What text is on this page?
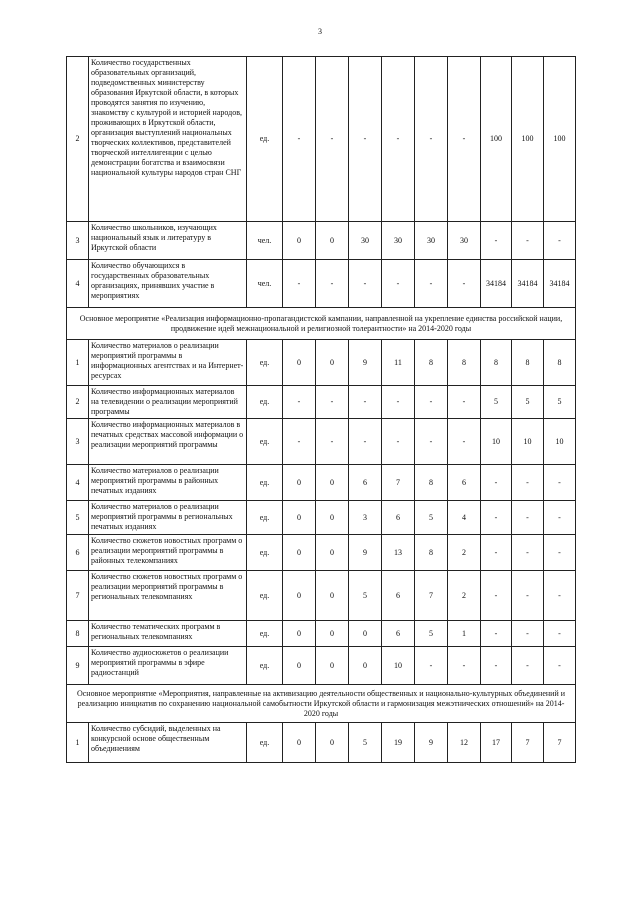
3
2	Количество государственных образовательных организаций, подведомственных министерству образования Иркутской области, в которых проводятся занятия по изучению, знакомству с культурой и историей народов, проживающих в Иркутской области, организация выступлений национальных творческих коллективов, представителей творческой интеллигенции с целью демонстрации богатства и взаимосвязи национальной культуры народов стран СНГ	ед.	-	-	-	-	-	-	100	100	100
3	Количество школьников, изучающих национальный язык и литературу в Иркутской области	чел.	0	0	30	30	30	30	-	-	-
4	Количество обучающихся в государственных образовательных организациях, принявших участие в мероприятиях	чел.	-	-	-	-	-	-	34184	34184	34184
Основное мероприятие «Реализация информационно-пропагандистской кампании, направленной на укрепление единства российской нации, продвижение идей межнациональной и религиозной толерантности» на 2014-2020 годы											
1	Количество материалов о реализации мероприятий программы в информационных агентствах и на Интернет-ресурсах	ед.	0	0	9	11	8	8	8	8	8
2	Количество информационных материалов на телевидении о реализации мероприятий программы	ед.	-	-	-	-	-	-	5	5	5
3	Количество информационных материалов в печатных средствах массовой информации о реализации мероприятий программы	ед.	-	-	-	-	-	-	10	10	10
4	Количество материалов о реализации мероприятий программы в районных печатных изданиях	ед.	0	0	6	7	8	6	-	-	-
5	Количество материалов о реализации мероприятий программы в региональных печатных изданиях	ед.	0	0	3	6	5	4	-	-	-
6	Количество сюжетов новостных программ о реализации мероприятий программы в районных телекомпаниях	ед.	0	0	9	13	8	2	-	-	-
7	Количество сюжетов новостных программ о реализации мероприятий программы в региональных телекомпаниях	ед.	0	0	5	6	7	2	-	-	-
8	Количество тематических программ в региональных телекомпаниях	ед.	0	0	0	6	5	1	-	-	-
9	Количество аудиосюжетов о реализации мероприятий программы в эфире радиостанций	ед.	0	0	0	10	-	-	-	-	-
Основное мероприятие «Мероприятия, направленные на активизацию деятельности общественных и национально-культурных объединений и реализацию инициатив по сохранению национальной самобытности Иркутской области и гармонизация межэтнических отношений» на 2014-2020 годы											
1	Количество субсидий, выделенных на конкурсной основе общественным объединениям	ед.	0	0	5	19	9	12	17	7	7
